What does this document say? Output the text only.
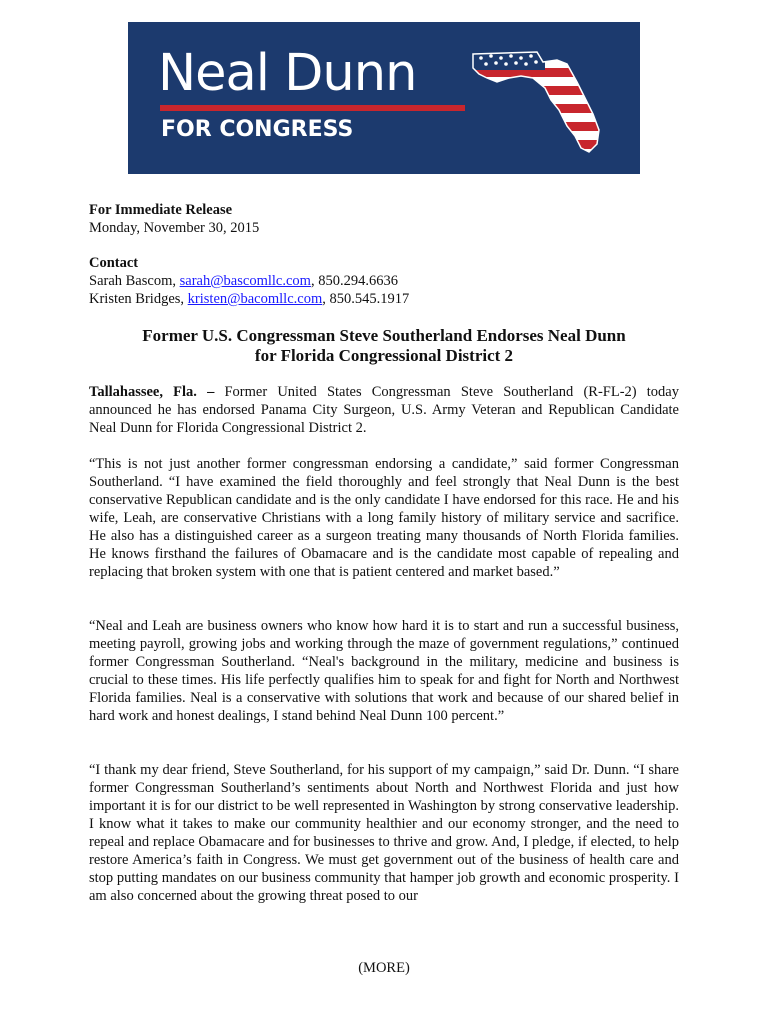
Neal Dunn
FOR CONGRESS
For Immediate Release
Monday, November 30, 2015
Contact
Sarah Bascom, sarah@bascomllc.com, 850.294.6636
Kristen Bridges, kristen@bacomllc.com, 850.545.1917
Former U.S. Congressman Steve Southerland Endorses Neal Dunn
for Florida Congressional District 2
Tallahassee, Fla. – Former United States Congressman Steve Southerland (R-FL-2) today announced he has endorsed Panama City Surgeon, U.S. Army Veteran and Republican Candidate Neal Dunn for Florida Congressional District 2.
“This is not just another former congressman endorsing a candidate,” said former Congressman Southerland. “I have examined the field thoroughly and feel strongly that Neal Dunn is the best conservative Republican candidate and is the only candidate I have endorsed for this race. He and his wife, Leah, are conservative Christians with a long family history of military service and sacrifice. He also has a distinguished career as a surgeon treating many thousands of North Florida families. He knows firsthand the failures of Obamacare and is the candidate most capable of repealing and replacing that broken system with one that is patient centered and market based.”
“Neal and Leah are business owners who know how hard it is to start and run a successful business, meeting payroll, growing jobs and working through the maze of government regulations,” continued former Congressman Southerland. “Neal's background in the military, medicine and business is crucial to these times. His life perfectly qualifies him to speak for and fight for North and Northwest Florida families. Neal is a conservative with solutions that work and because of our shared belief in hard work and honest dealings, I stand behind Neal Dunn 100 percent.”
“I thank my dear friend, Steve Southerland, for his support of my campaign,” said Dr. Dunn. “I share former Congressman Southerland’s sentiments about North and Northwest Florida and just how important it is for our district to be well represented in Washington by strong conservative leadership. I know what it takes to make our community healthier and our economy stronger, and the need to repeal and replace Obamacare and for businesses to thrive and grow. And, I pledge, if elected, to help restore America’s faith in Congress. We must get government out of the business of health care and stop putting mandates on our business community that hamper job growth and economic prosperity. I am also concerned about the growing threat posed to our
(MORE)
